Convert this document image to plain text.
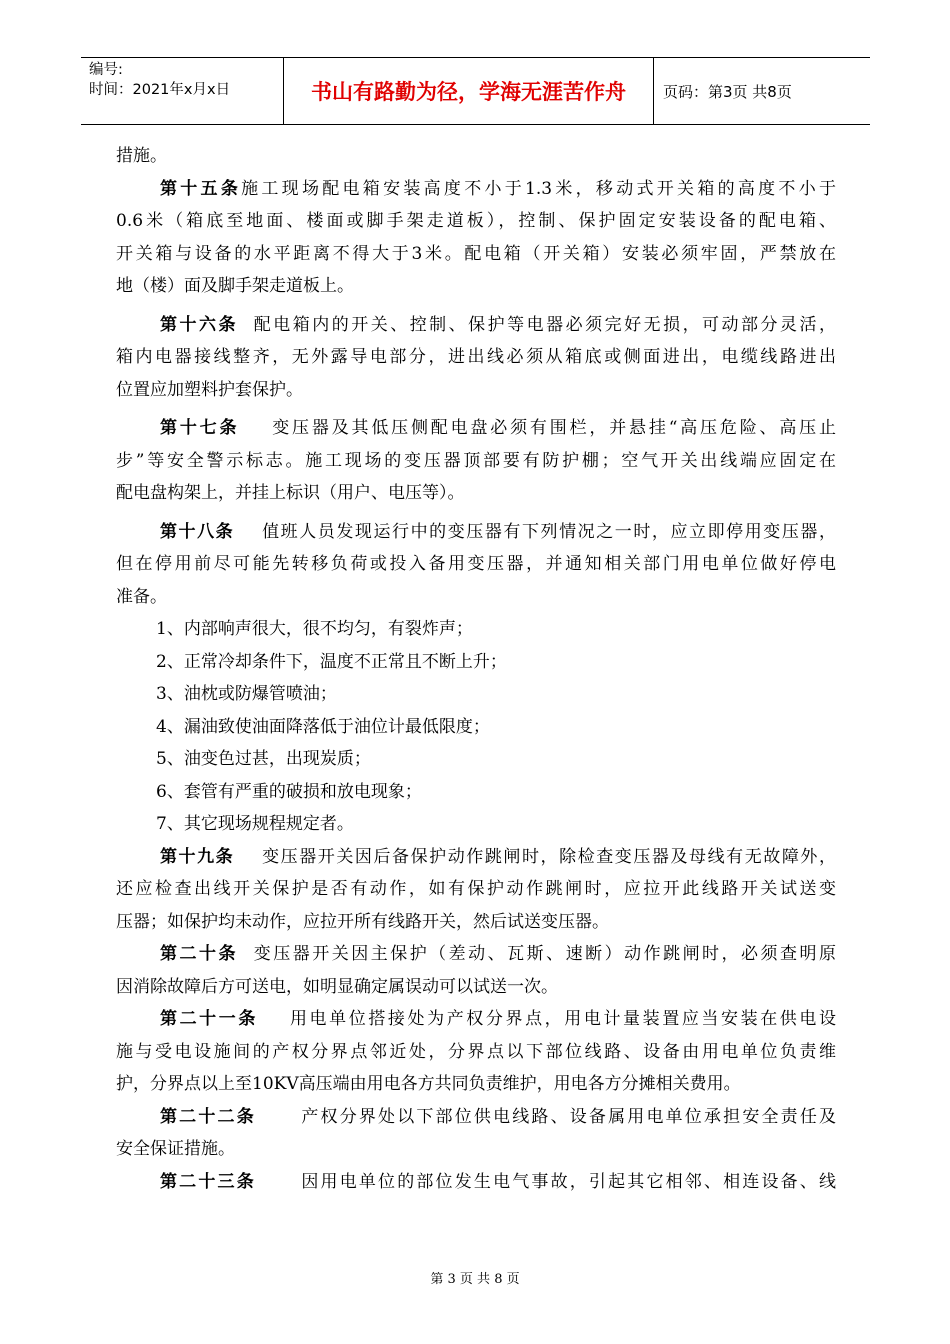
编号:
时间：2021年x月x日	书山有路勤为径，学海无涯苦作舟	页码：第3页 共8页
措施。
第十五条施工现场配电箱安装高度不小于1.3米，移动式开关箱的高度不小于
0.6米（箱底至地面、楼面或脚手架走道板），控制、保护固定安装设备的配电箱、
开关箱与设备的水平距离不得大于3米。配电箱（开关箱）安装必须牢固，严禁放在
地（楼）面及脚手架走道板上。
第十六条 配电箱内的开关、控制、保护等电器必须完好无损，可动部分灵活，
箱内电器接线整齐，无外露导电部分，进出线必须从箱底或侧面进出，电缆线路进出
位置应加塑料护套保护。
第十七条 变压器及其低压侧配电盘必须有围栏，并悬挂“高压危险、高压止
步”等安全警示标志。施工现场的变压器顶部要有防护棚；空气开关出线端应固定在
配电盘构架上，并挂上标识（用户、电压等）。
第十八条 值班人员发现运行中的变压器有下列情况之一时，应立即停用变压器，
但在停用前尽可能先转移负荷或投入备用变压器，并通知相关部门用电单位做好停电
准备。
1、内部响声很大，很不均匀，有裂炸声；
2、正常冷却条件下，温度不正常且不断上升；
3、油枕或防爆管喷油；
4、漏油致使油面降落低于油位计最低限度；
5、油变色过甚，出现炭质；
6、套管有严重的破损和放电现象；
7、其它现场规程规定者。
第十九条 变压器开关因后备保护动作跳闸时，除检查变压器及母线有无故障外，
还应检查出线开关保护是否有动作，如有保护动作跳闸时，应拉开此线路开关试送变
压器；如保护均未动作，应拉开所有线路开关，然后试送变压器。
第二十条 变压器开关因主保护（差动、瓦斯、速断）动作跳闸时，必须查明原
因消除故障后方可送电，如明显确定属误动可以试送一次。
第二十一条 用电单位搭接处为产权分界点，用电计量装置应当安装在供电设
施与受电设施间的产权分界点邻近处，分界点以下部位线路、设备由用电单位负责维
护，分界点以上至10KV高压端由用电各方共同负责维护，用电各方分摊相关费用。
第二十二条	产权分界处以下部位供电线路、设备属用电单位承担安全责任及
安全保证措施。
第二十三条	因用电单位的部位发生电气事故，引起其它相邻、相连设备、线
第 3 页 共 8 页
